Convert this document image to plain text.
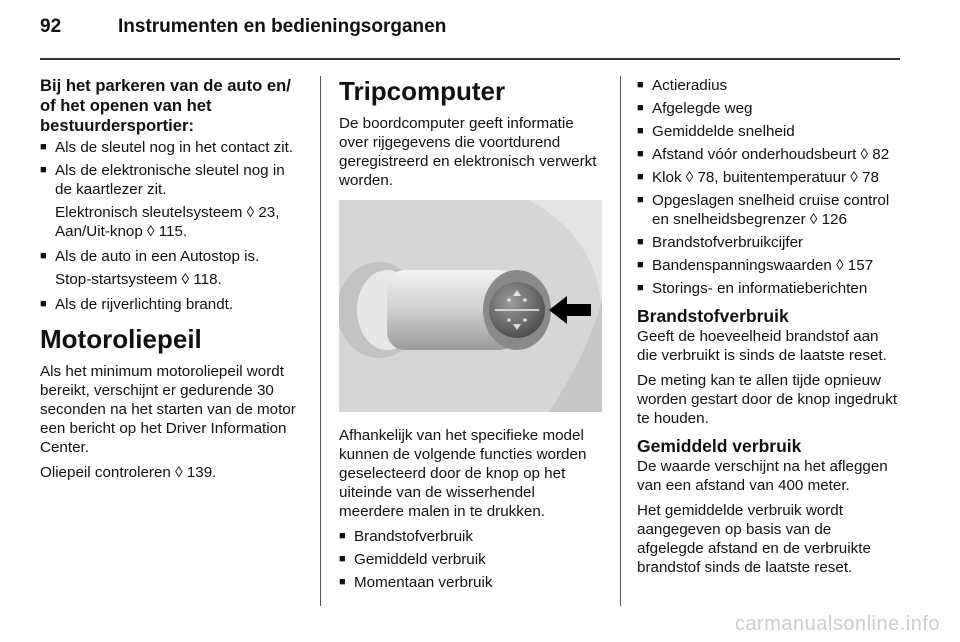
92	Instrumenten en bedieningsorganen
Bij het parkeren van de auto en/ of het openen van het bestuurdersportier:
■ Als de sleutel nog in het contact zit.
■ Als de elektronische sleutel nog in de kaartlezer zit.

Elektronisch sleutelsysteem ◊ 23, Aan/Uit-knop ◊ 115.

■ Als de auto in een Autostop is.

Stop-startsysteem ◊ 118.

■ Als de rijverlichting brandt.
Motoroliepeil

Als het minimum motoroliepeil wordt bereikt, verschijnt er gedurende 30 seconden na het starten van de motor een bericht op het Driver Information Center.

Oliepeil controleren ◊ 139.

Tripcomputer

De boordcomputer geeft informatie over rijgegevens die voortdurend geregistreerd en elektronisch verwerkt worden.

Afhankelijk van het specifieke model kunnen de volgende functies worden geselecteerd door de knop op het uiteinde van de wisserhendel meerdere malen in te drukken.

■ Brandstofverbruik
■ Gemiddeld verbruik
■ Momentaan verbruik
■ Actieradius
■ Afgelegde weg
■ Gemiddelde snelheid
■ Afstand vóór onderhoudsbeurt ◊ 82
■ Klok ◊ 78, buitentemperatuur ◊ 78
■ Opgeslagen snelheid cruise control en snelheidsbegrenzer ◊ 126
■ Brandstofverbruikcijfer
■ Bandenspanningswaarden ◊ 157
■ Storings- en informatieberichten
Brandstofverbruik

Geeft de hoeveelheid brandstof aan die verbruikt is sinds de laatste reset.

De meting kan te allen tijde opnieuw worden gestart door de knop ingedrukt te houden.

Gemiddeld verbruik

De waarde verschijnt na het afleggen van een afstand van 400 meter.

Het gemiddelde verbruik wordt aangegeven op basis van de afgelegde afstand en de verbruikte brandstof sinds de laatste reset.

carmanualsonline.info
